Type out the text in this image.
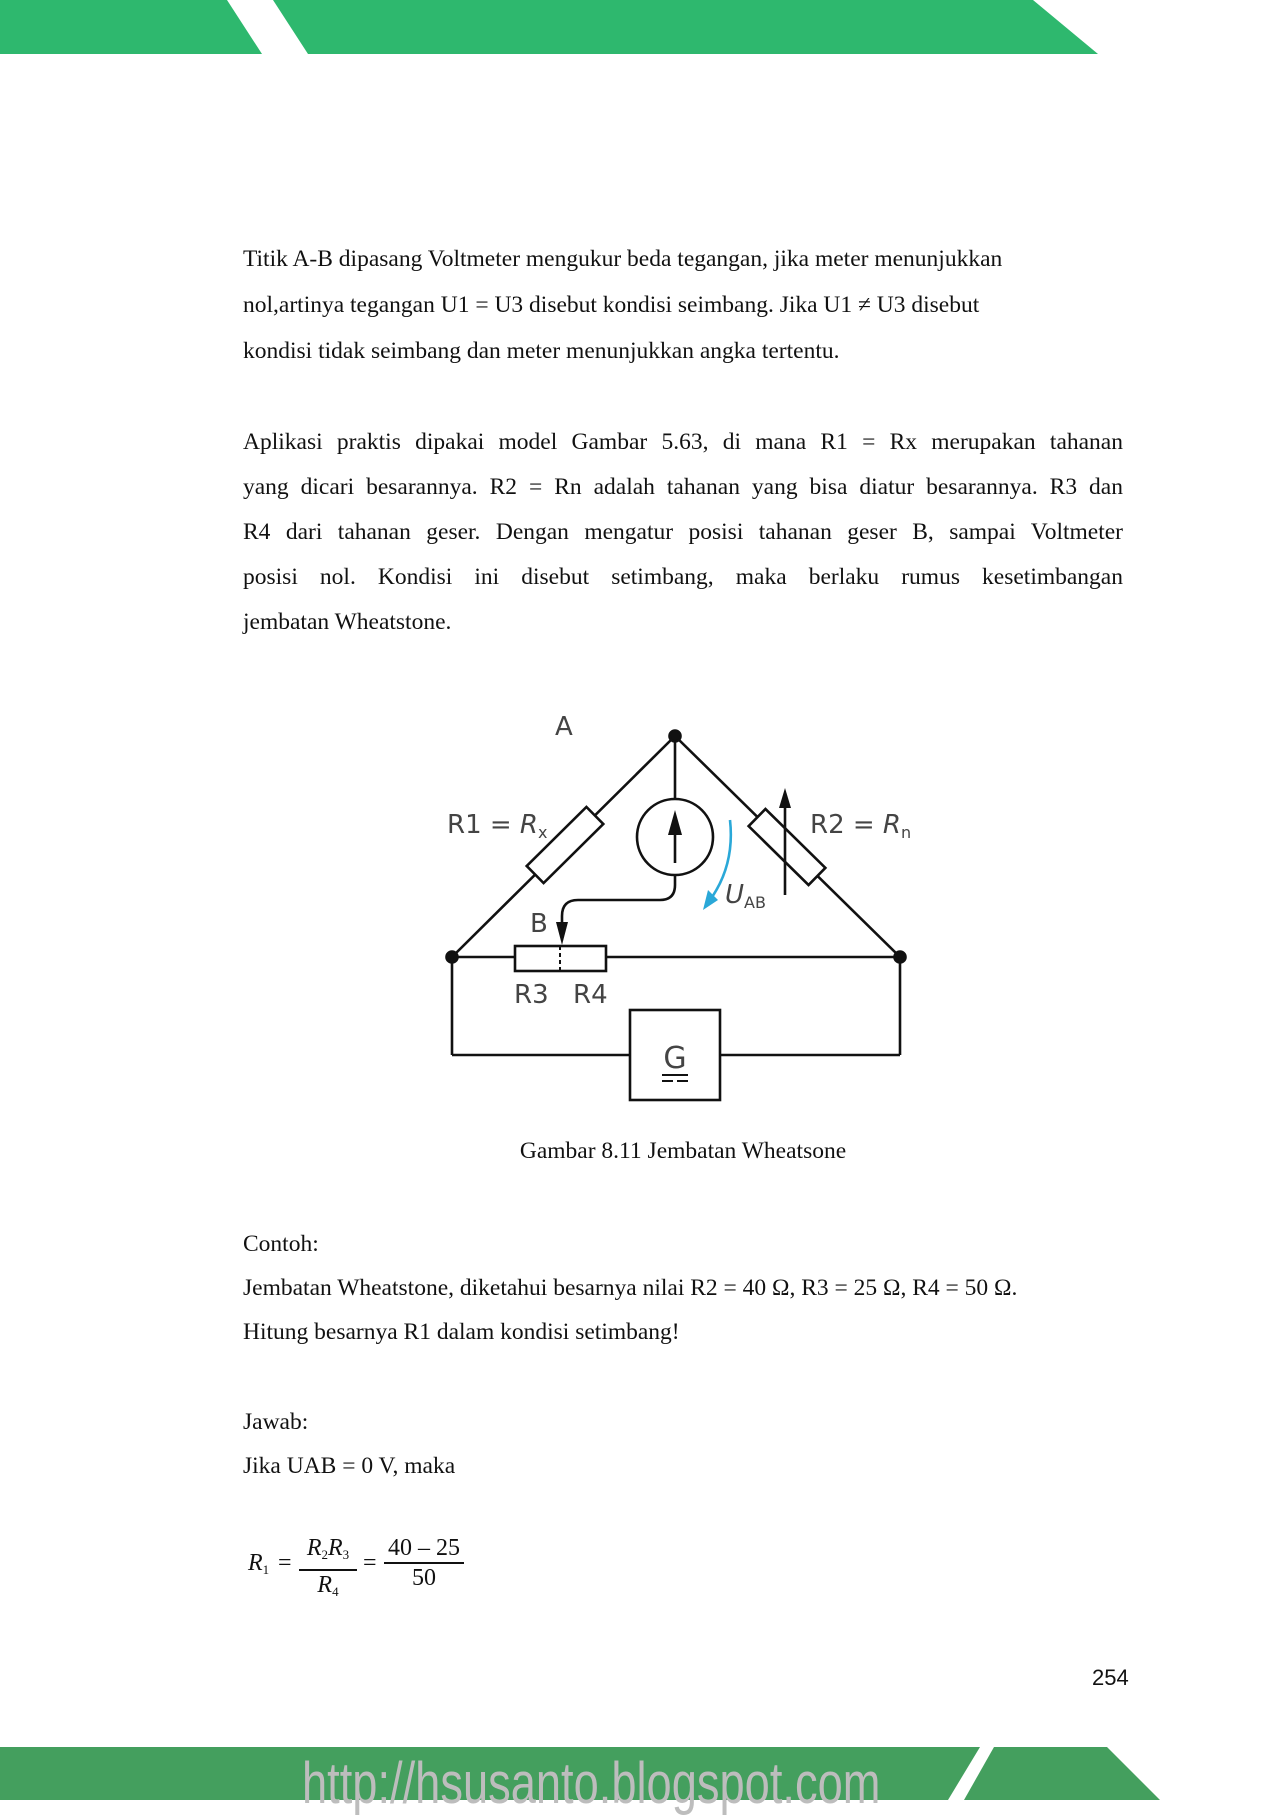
Titik A-B dipasang Voltmeter mengukur beda tegangan, jika meter menunjukkan
nol,artinya tegangan U1 = U3 disebut kondisi seimbang. Jika U1 ≠ U3 disebut
kondisi tidak seimbang dan meter menunjukkan angka tertentu.
Aplikasi praktis dipakai model Gambar 5.63, di mana R1 = Rx merupakan tahanan
yang dicari besarannya. R2 = Rn adalah tahanan yang bisa diatur besarannya. R3 dan
R4 dari tahanan geser. Dengan mengatur posisi tahanan geser B, sampai Voltmeter
posisi nol. Kondisi ini disebut setimbang, maka berlaku rumus kesetimbangan
jembatan Wheatstone.
A
B
R1 = Rx	R2 = Rn
R3 R4
UAB
G
Gambar 8.11 Jembatan Wheatsone
Contoh:
Jembatan Wheatstone, diketahui besarnya nilai R2 = 40 Ω, R3 = 25 Ω, R4 = 50 Ω.
Hitung besarnya R1 dalam kondisi setimbang!
Jawab:
Jika UAB = 0 V, maka
$R_1$ =
$R_2R_3$
$R_4$
=
40 – 25
50
254
http://hsusanto.blogspot.com
